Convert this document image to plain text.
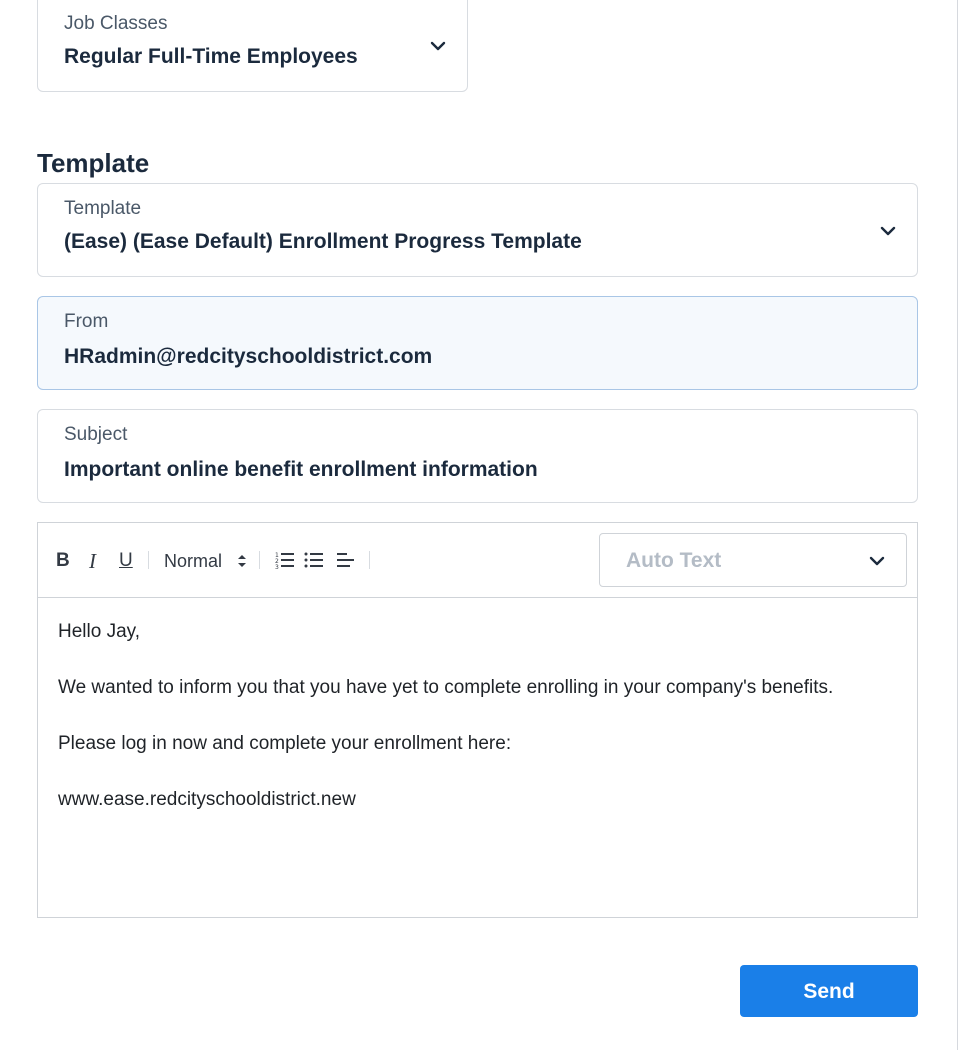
Job Classes
Regular Full-Time Employees
Template
Template
(Ease) (Ease Default) Enrollment Progress Template
From
HRadmin@redcityschooldistrict.com
Subject
Important online benefit enrollment information
B I U Normal	1
2
3	Auto Text

Hello Jay,

We wanted to inform you that you have yet to complete enrolling in your company's benefits.

Please log in now and complete your enrollment here:

www.ease.redcityschooldistrict.new

Send
